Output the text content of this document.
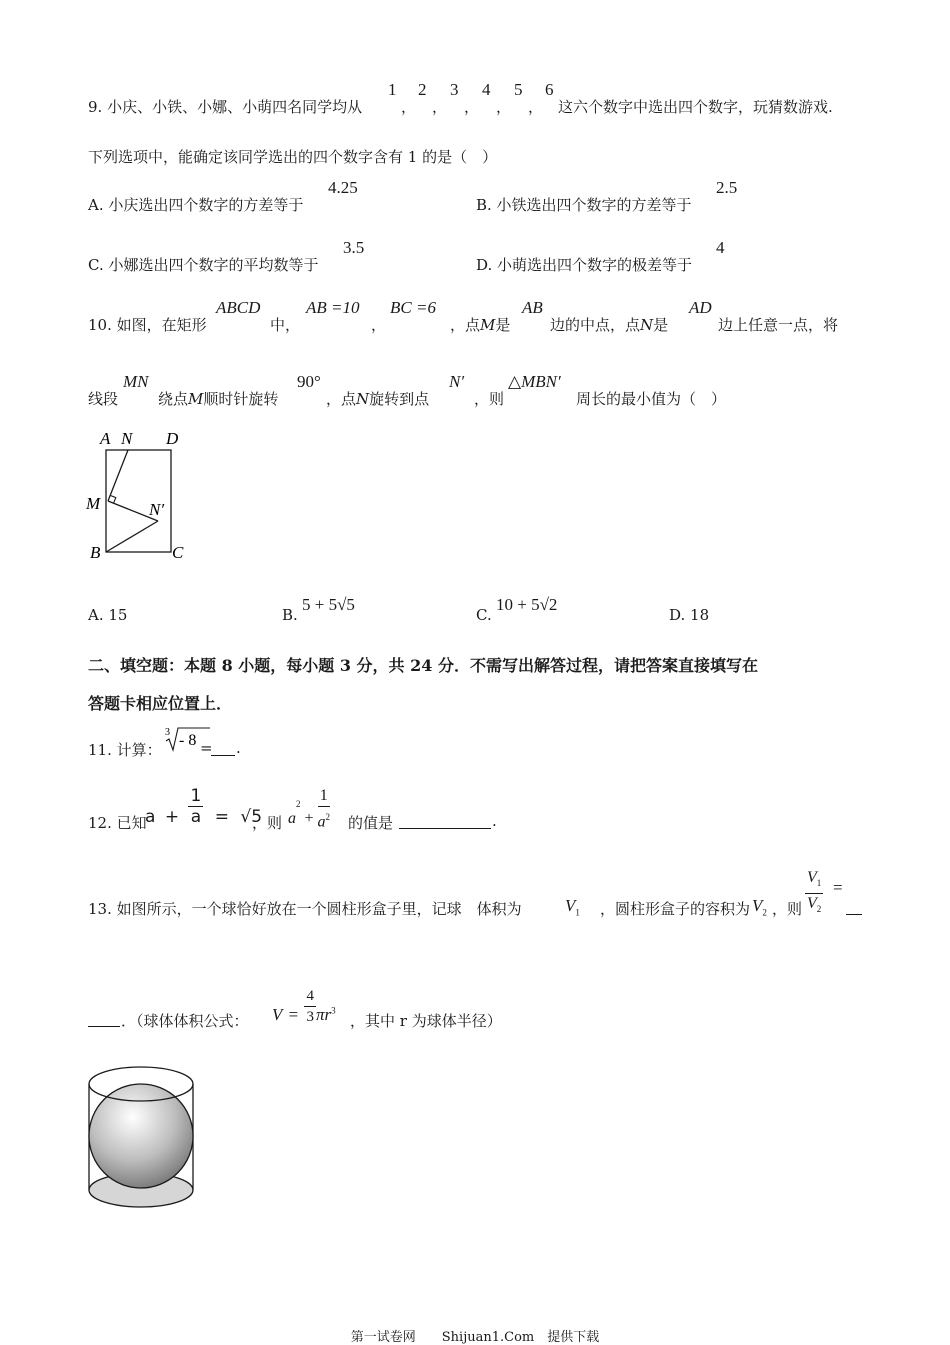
9. 小庆、小铁、小娜、小萌四名同学均从
1
，
2
，
3
，
4
，
5
，
6
这六个数字中选出四个数字，玩猜数游戏.
下列选项中，能确定该同学选出的四个数字含有 1 的是（　）
A. 小庆选出四个数字的方差等于
4.25
B. 小铁选出四个数字的方差等于
2.5
C. 小娜选出四个数字的平均数等于
3.5
D. 小萌选出四个数字的极差等于
4
10. 如图，在矩形
ABCD
中，
AB =10
，
BC =6
，点M是
AB
边的中点，点N是
AD
边上任意一点，将
线段
MN
绕点M顺时针旋转
90°
，点N旋转到点
N′
，则
△MBN′
周长的最小值为（　）
A N D
M	N′
B	C
A. 15	B.
5 + 5√5
C.
10 + 5√2
D. 18
二、填空题：本题 8 小题，每小题 3 分，共 24 分．不需写出解答过程，请把答案直接填写在
答题卡相应位置上．
11. 计算：
3 - 8 = .
12. 已知
$a + \frac{1}{a} = √5$
，则 $a^2 + \frac{1}{a^2}$ 的值是	.
13. 如图所示，一个球恰好放在一个圆柱形盒子里，记球　体积为	$V_1$ ，圆柱形盒子的容积为 $V_2$ ，则 $\frac{V_1}{V_2}$ =
．（球体体积公式： $V = \frac{4}{3} \pi r^3$
，其中 r 为球体半径）
第一试卷网　　Shijuan1.Com　提供下载
